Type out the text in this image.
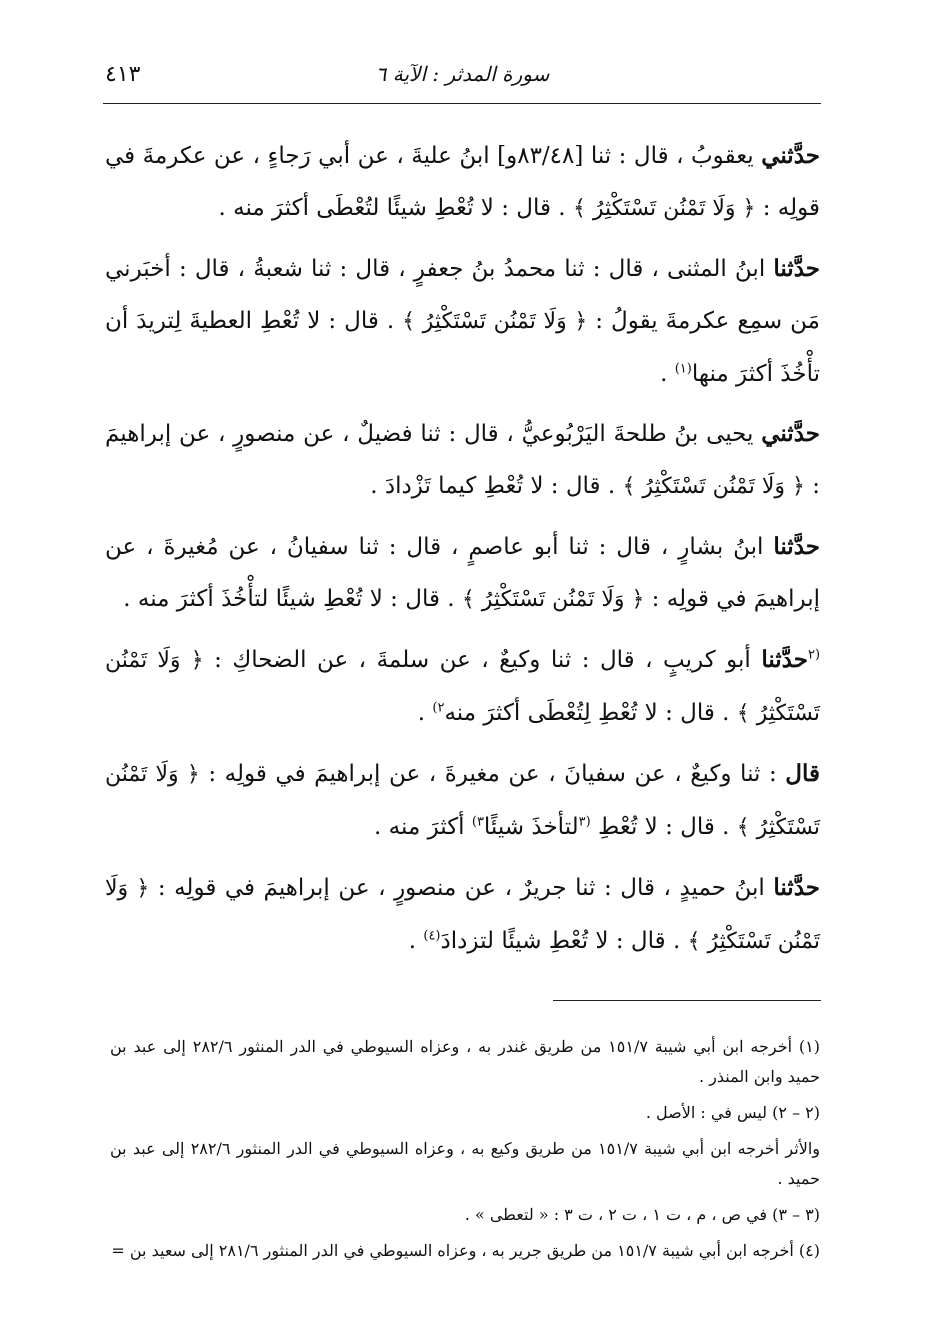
سورة المدثر : الآية ٦
٤١٣

حدَّثني يعقوبُ ، قال : ثنا [٨٣/٤٨و] ابنُ عليةَ ، عن أبي رَجاءٍ ، عن عكرمةَ في قولِه : ﴿ وَلَا تَمْنُن تَسْتَكْثِرُ ﴾ . قال : لا تُعْطِ شيئًا لتُعْطَى أكثرَ منه .

حدَّثنا ابنُ المثنى ، قال : ثنا محمدُ بنُ جعفرٍ ، قال : ثنا شعبةُ ، قال : أخبَرني مَن سمِع عكرمةَ يقولُ : ﴿ وَلَا تَمْنُن تَسْتَكْثِرُ ﴾ . قال : لا تُعْطِ العطيةَ لِتريدَ أن تأْخُذَ أكثرَ منها$^{(١)}$ .

حدَّثني يحيى بنُ طلحةَ اليَرْبُوعيُّ ، قال : ثنا فضيلٌ ، عن منصورٍ ، عن إبراهيمَ : ﴿ وَلَا تَمْنُن تَسْتَكْثِرُ ﴾ . قال : لا تُعْطِ كيما تَزْدادَ .

حدَّثنا ابنُ بشارٍ ، قال : ثنا أبو عاصمٍ ، قال : ثنا سفيانُ ، عن مُغيرةَ ، عن إبراهيمَ في قولِه : ﴿ وَلَا تَمْنُن تَسْتَكْثِرُ ﴾ . قال : لا تُعْطِ شيئًا لتأْخُذَ أكثرَ منه .

$^{(٢}$حدَّثنا أبو كريبٍ ، قال : ثنا وكيعٌ ، عن سلمةَ ، عن الضحاكِ : ﴿ وَلَا تَمْنُن تَسْتَكْثِرُ ﴾ . قال : لا تُعْطِ لِتُعْطَى أكثرَ منه$^{٢)}$ .

قال : ثنا وكيعٌ ، عن سفيانَ ، عن مغيرةَ ، عن إبراهيمَ في قولِه : ﴿ وَلَا تَمْنُن تَسْتَكْثِرُ ﴾ . قال : لا تُعْطِ $^{(٣}$لتأخذَ شيئًا$^{٣)}$ أكثرَ منه .

حدَّثنا ابنُ حميدٍ ، قال : ثنا جريرٌ ، عن منصورٍ ، عن إبراهيمَ في قولِه : ﴿ وَلَا تَمْنُن تَسْتَكْثِرُ ﴾ . قال : لا تُعْطِ شيئًا لتزدادَ$^{(٤)}$ .

(١) أخرجه ابن أبي شيبة ١٥١/٧ من طريق غندر به ، وعزاه السيوطي في الدر المنثور ٢٨٢/٦ إلى عبد بن حميد وابن المنذر .

(٢ – ٢) ليس في : الأصل .

والأثر أخرجه ابن أبي شيبة ١٥١/٧ من طريق وكيع به ، وعزاه السيوطي في الدر المنثور ٢٨٢/٦ إلى عبد بن حميد .

(٣ – ٣) في ص ، م ، ت ١ ، ت ٢ ، ت ٣ : « لتعطى » .

(٤) أخرجه ابن أبي شيبة ١٥١/٧ من طريق جرير به ، وعزاه السيوطي في الدر المنثور ٢٨١/٦ إلى سعيد بن =
